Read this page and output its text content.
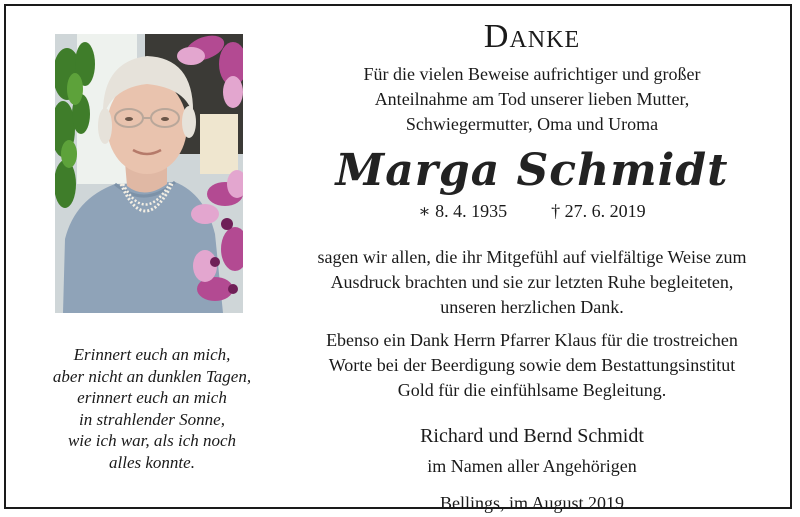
Erinnert euch an mich,
aber nicht an dunklen Tagen,
erinnert euch an mich
in strahlender Sonne,
wie ich war, als ich noch
alles konnte.
Danke
Für die vielen Beweise aufrichtiger und großer
Anteilnahme am Tod unserer lieben Mutter,
Schwiegermutter, Oma und Uroma
Marga Schmidt
∗ 8. 4. 1935 † 27. 6. 2019
sagen wir allen, die ihr Mitgefühl auf vielfältige Weise zum
Ausdruck brachten und sie zur letzten Ruhe begleiteten,
unseren herzlichen Dank.
Ebenso ein Dank Herrn Pfarrer Klaus für die trostreichen
Worte bei der Beerdigung sowie dem Bestattungsinstitut
Gold für die einfühlsame Begleitung.
Richard und Bernd Schmidt
im Namen aller Angehörigen
Bellings, im August 2019
